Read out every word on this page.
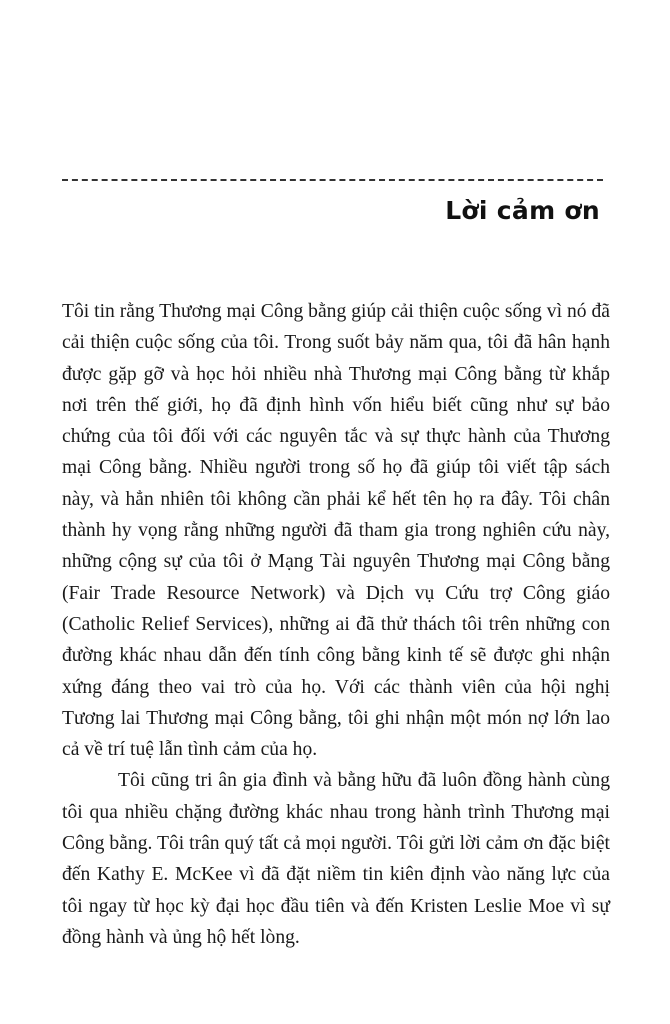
Lời cảm ơn

Tôi tin rằng Thương mại Công bằng giúp cải thiện cuộc sống vì nó đã cải thiện cuộc sống của tôi. Trong suốt bảy năm qua, tôi đã hân hạnh được gặp gỡ và học hỏi nhiều nhà Thương mại Công bằng từ khắp nơi trên thế giới, họ đã định hình vốn hiểu biết cũng như sự bảo chứng của tôi đối với các nguyên tắc và sự thực hành của Thương mại Công bằng. Nhiều người trong số họ đã giúp tôi viết tập sách này, và hẳn nhiên tôi không cần phải kể hết tên họ ra đây. Tôi chân thành hy vọng rằng những người đã tham gia trong nghiên cứu này, những cộng sự của tôi ở Mạng Tài nguyên Thương mại Công bằng (Fair Trade Resource Network) và Dịch vụ Cứu trợ Công giáo (Catholic Relief Services), những ai đã thử thách tôi trên những con đường khác nhau dẫn đến tính công bằng kinh tế sẽ được ghi nhận xứng đáng theo vai trò của họ. Với các thành viên của hội nghị Tương lai Thương mại Công bằng, tôi ghi nhận một món nợ lớn lao cả về trí tuệ lẫn tình cảm của họ.

Tôi cũng tri ân gia đình và bằng hữu đã luôn đồng hành cùng tôi qua nhiều chặng đường khác nhau trong hành trình Thương mại Công bằng. Tôi trân quý tất cả mọi người. Tôi gửi lời cảm ơn đặc biệt đến Kathy E. McKee vì đã đặt niềm tin kiên định vào năng lực của tôi ngay từ học kỳ đại học đầu tiên và đến Kristen Leslie Moe vì sự đồng hành và ủng hộ hết lòng.
